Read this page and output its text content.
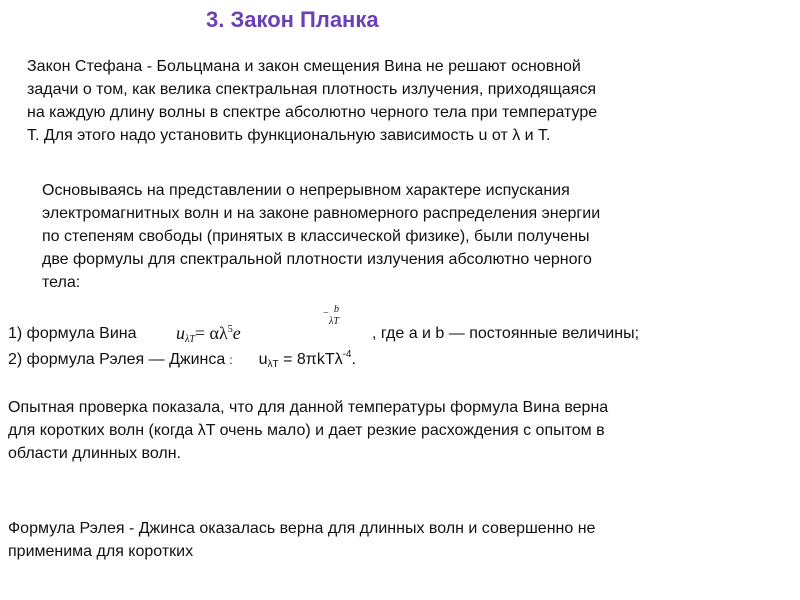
3. Закон Планка
Закон Стефана - Больцмана и закон смещения Вина не решают основной
задачи о том, как велика спектральная плотность излучения, приходящаяся
на каждую длину волны в спектре абсолютно черного тела при температуре
T. Для этого надо установить функциональную зависимость u от λ и T.
Основываясь на представлении о непрерывном характере испускания
электромагнитных волн и на законе равномерного распределения энергии
по степеням свободы (принятых в классической физике), были получены
две формулы для спектральной плотности излучения абсолютно черного
тела:
1) формула Вина $u_{\lambda T}= \alpha\lambda^5e$
b
−
λT
, где a и b — постоянные величины;
2) формула Рэлея — Джинса : $u_{\lambda T} = 8\pi kT\lambda^{-4}$.
Опытная проверка показала, что для данной температуры формула Вина верна
для коротких волн (когда λT очень мало) и дает резкие расхождения с опытом в
области длинных волн.
Формула Рэлея - Джинса оказалась верна для длинных волн и совершенно не
применима для коротких
